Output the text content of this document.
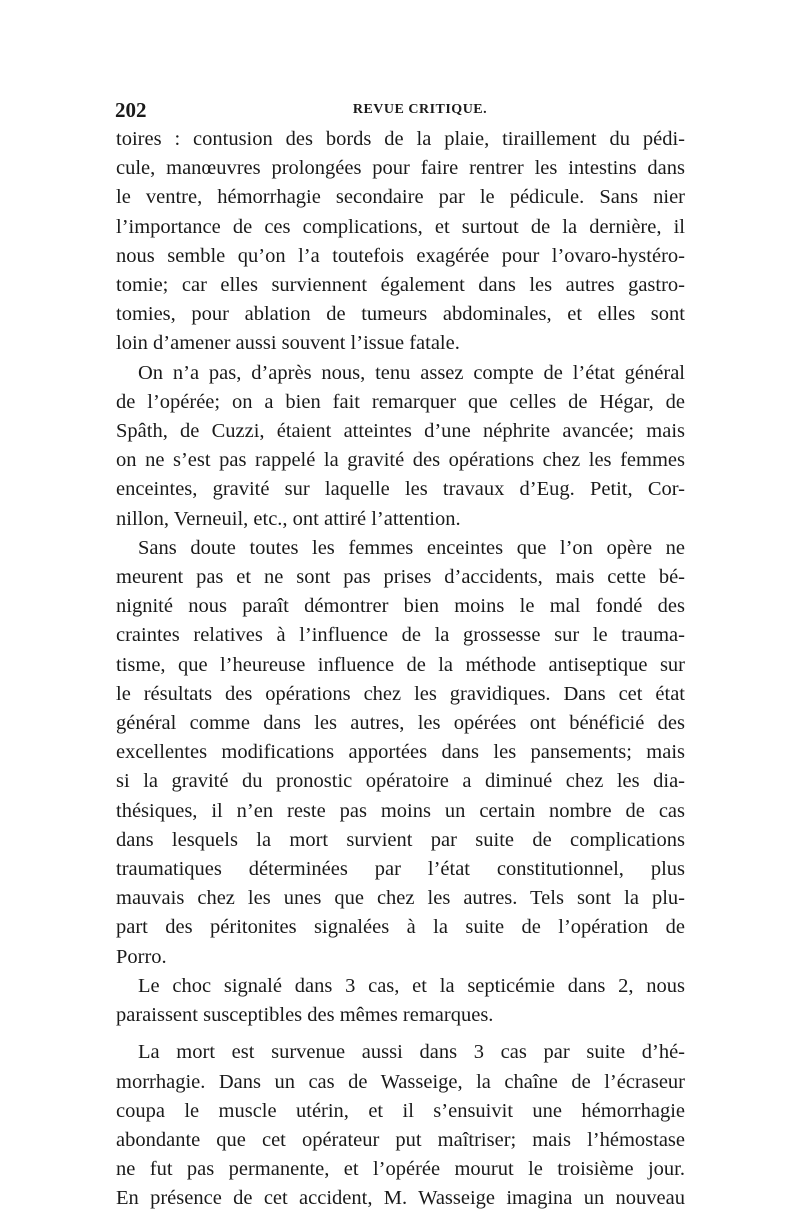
202	REVUE CRITIQUE.
toires : contusion des bords de la plaie, tiraillement du pédi-
cule, manœuvres prolongées pour faire rentrer les intestins dans
le ventre, hémorrhagie secondaire par le pédicule. Sans nier
l’importance de ces complications, et surtout de la dernière, il
nous semble qu’on l’a toutefois exagérée pour l’ovaro-hystéro-
tomie; car elles surviennent également dans les autres gastro-
tomies, pour ablation de tumeurs abdominales, et elles sont
loin d’amener aussi souvent l’issue fatale.
On n’a pas, d’après nous, tenu assez compte de l’état général
de l’opérée; on a bien fait remarquer que celles de Hégar, de
Spâth, de Cuzzi, étaient atteintes d’une néphrite avancée; mais
on ne s’est pas rappelé la gravité des opérations chez les femmes
enceintes, gravité sur laquelle les travaux d’Eug. Petit, Cor-
nillon, Verneuil, etc., ont attiré l’attention.
Sans doute toutes les femmes enceintes que l’on opère ne
meurent pas et ne sont pas prises d’accidents, mais cette bé-
nignité nous paraît démontrer bien moins le mal fondé des
craintes relatives à l’influence de la grossesse sur le trauma-
tisme, que l’heureuse influence de la méthode antiseptique sur
le résultats des opérations chez les gravidiques. Dans cet état
général comme dans les autres, les opérées ont bénéficié des
excellentes modifications apportées dans les pansements; mais
si la gravité du pronostic opératoire a diminué chez les dia-
thésiques, il n’en reste pas moins un certain nombre de cas
dans lesquels la mort survient par suite de complications
traumatiques déterminées par l’état constitutionnel, plus
mauvais chez les unes que chez les autres. Tels sont la plu-
part des péritonites signalées à la suite de l’opération de
Porro.
Le choc signalé dans 3 cas, et la septicémie dans 2, nous
paraissent susceptibles des mêmes remarques.
La mort est survenue aussi dans 3 cas par suite d’hé-
morrhagie. Dans un cas de Wasseige, la chaîne de l’écraseur
coupa le muscle utérin, et il s’ensuivit une hémorrhagie
abondante que cet opérateur put maîtriser; mais l’hémostase
ne fut pas permanente, et l’opérée mourut le troisième jour.
En présence de cet accident, M. Wasseige imagina un nouveau
